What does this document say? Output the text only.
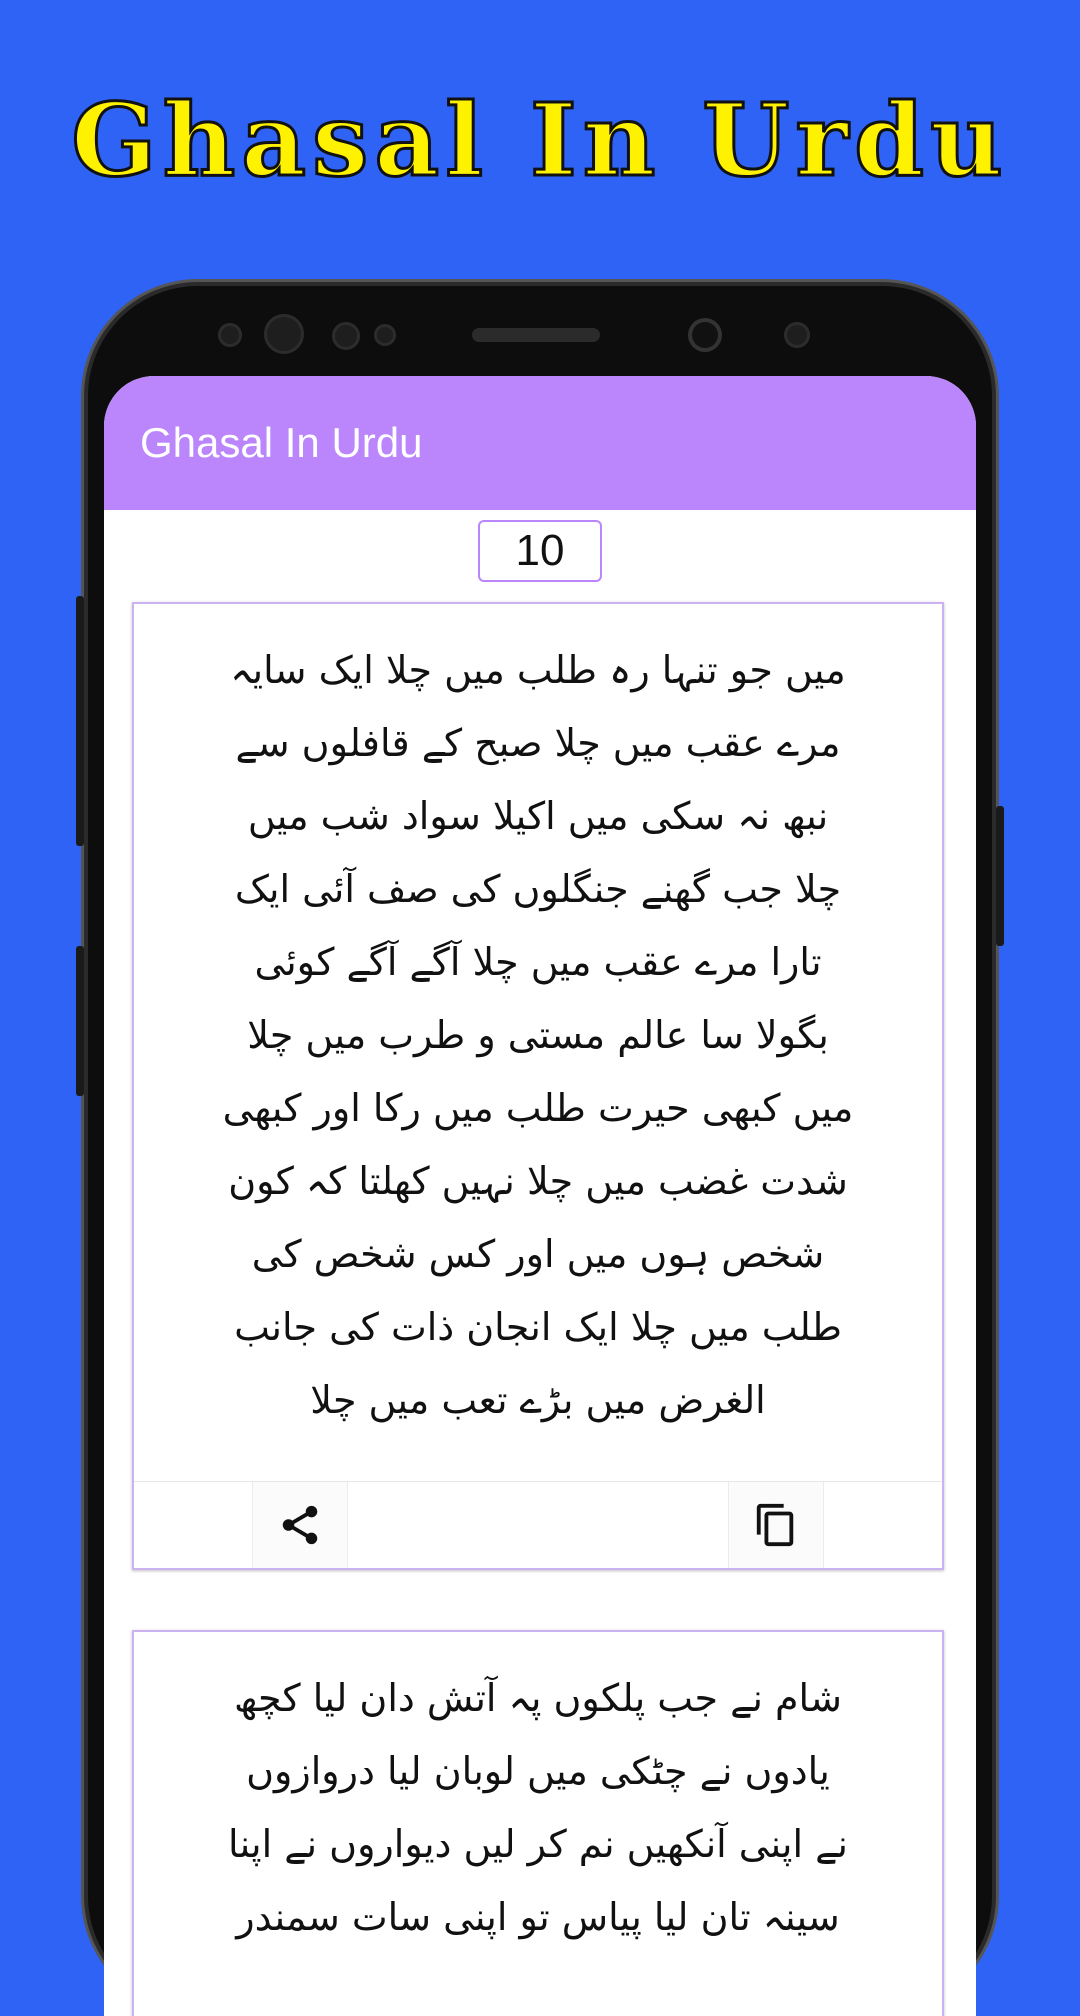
Ghasal In Urdu
Ghasal In Urdu
10
میں جو تنہا رہ طلب میں چلا ایک سایہ
مرے عقب میں چلا صبح کے قافلوں سے
نبھ نہ سکی میں اکیلا سواد شب میں
چلا جب گھنے جنگلوں کی صف آئی ایک
تارا مرے عقب میں چلا آگے آگے کوئی
بگولا سا عالم مستی و طرب میں چلا
میں کبھی حیرت طلب میں رکا اور کبھی
شدت غضب میں چلا نہیں کھلتا کہ کون
شخص ہوں میں اور کس شخص کی
طلب میں چلا ایک انجان ذات کی جانب
الغرض میں بڑے تعب میں چلا
شام نے جب پلکوں پہ آتش دان لیا کچھ
یادوں نے چٹکی میں لوبان لیا دروازوں
نے اپنی آنکھیں نم کر لیں دیواروں نے اپنا
سینہ تان لیا پیاس تو اپنی سات سمندر
